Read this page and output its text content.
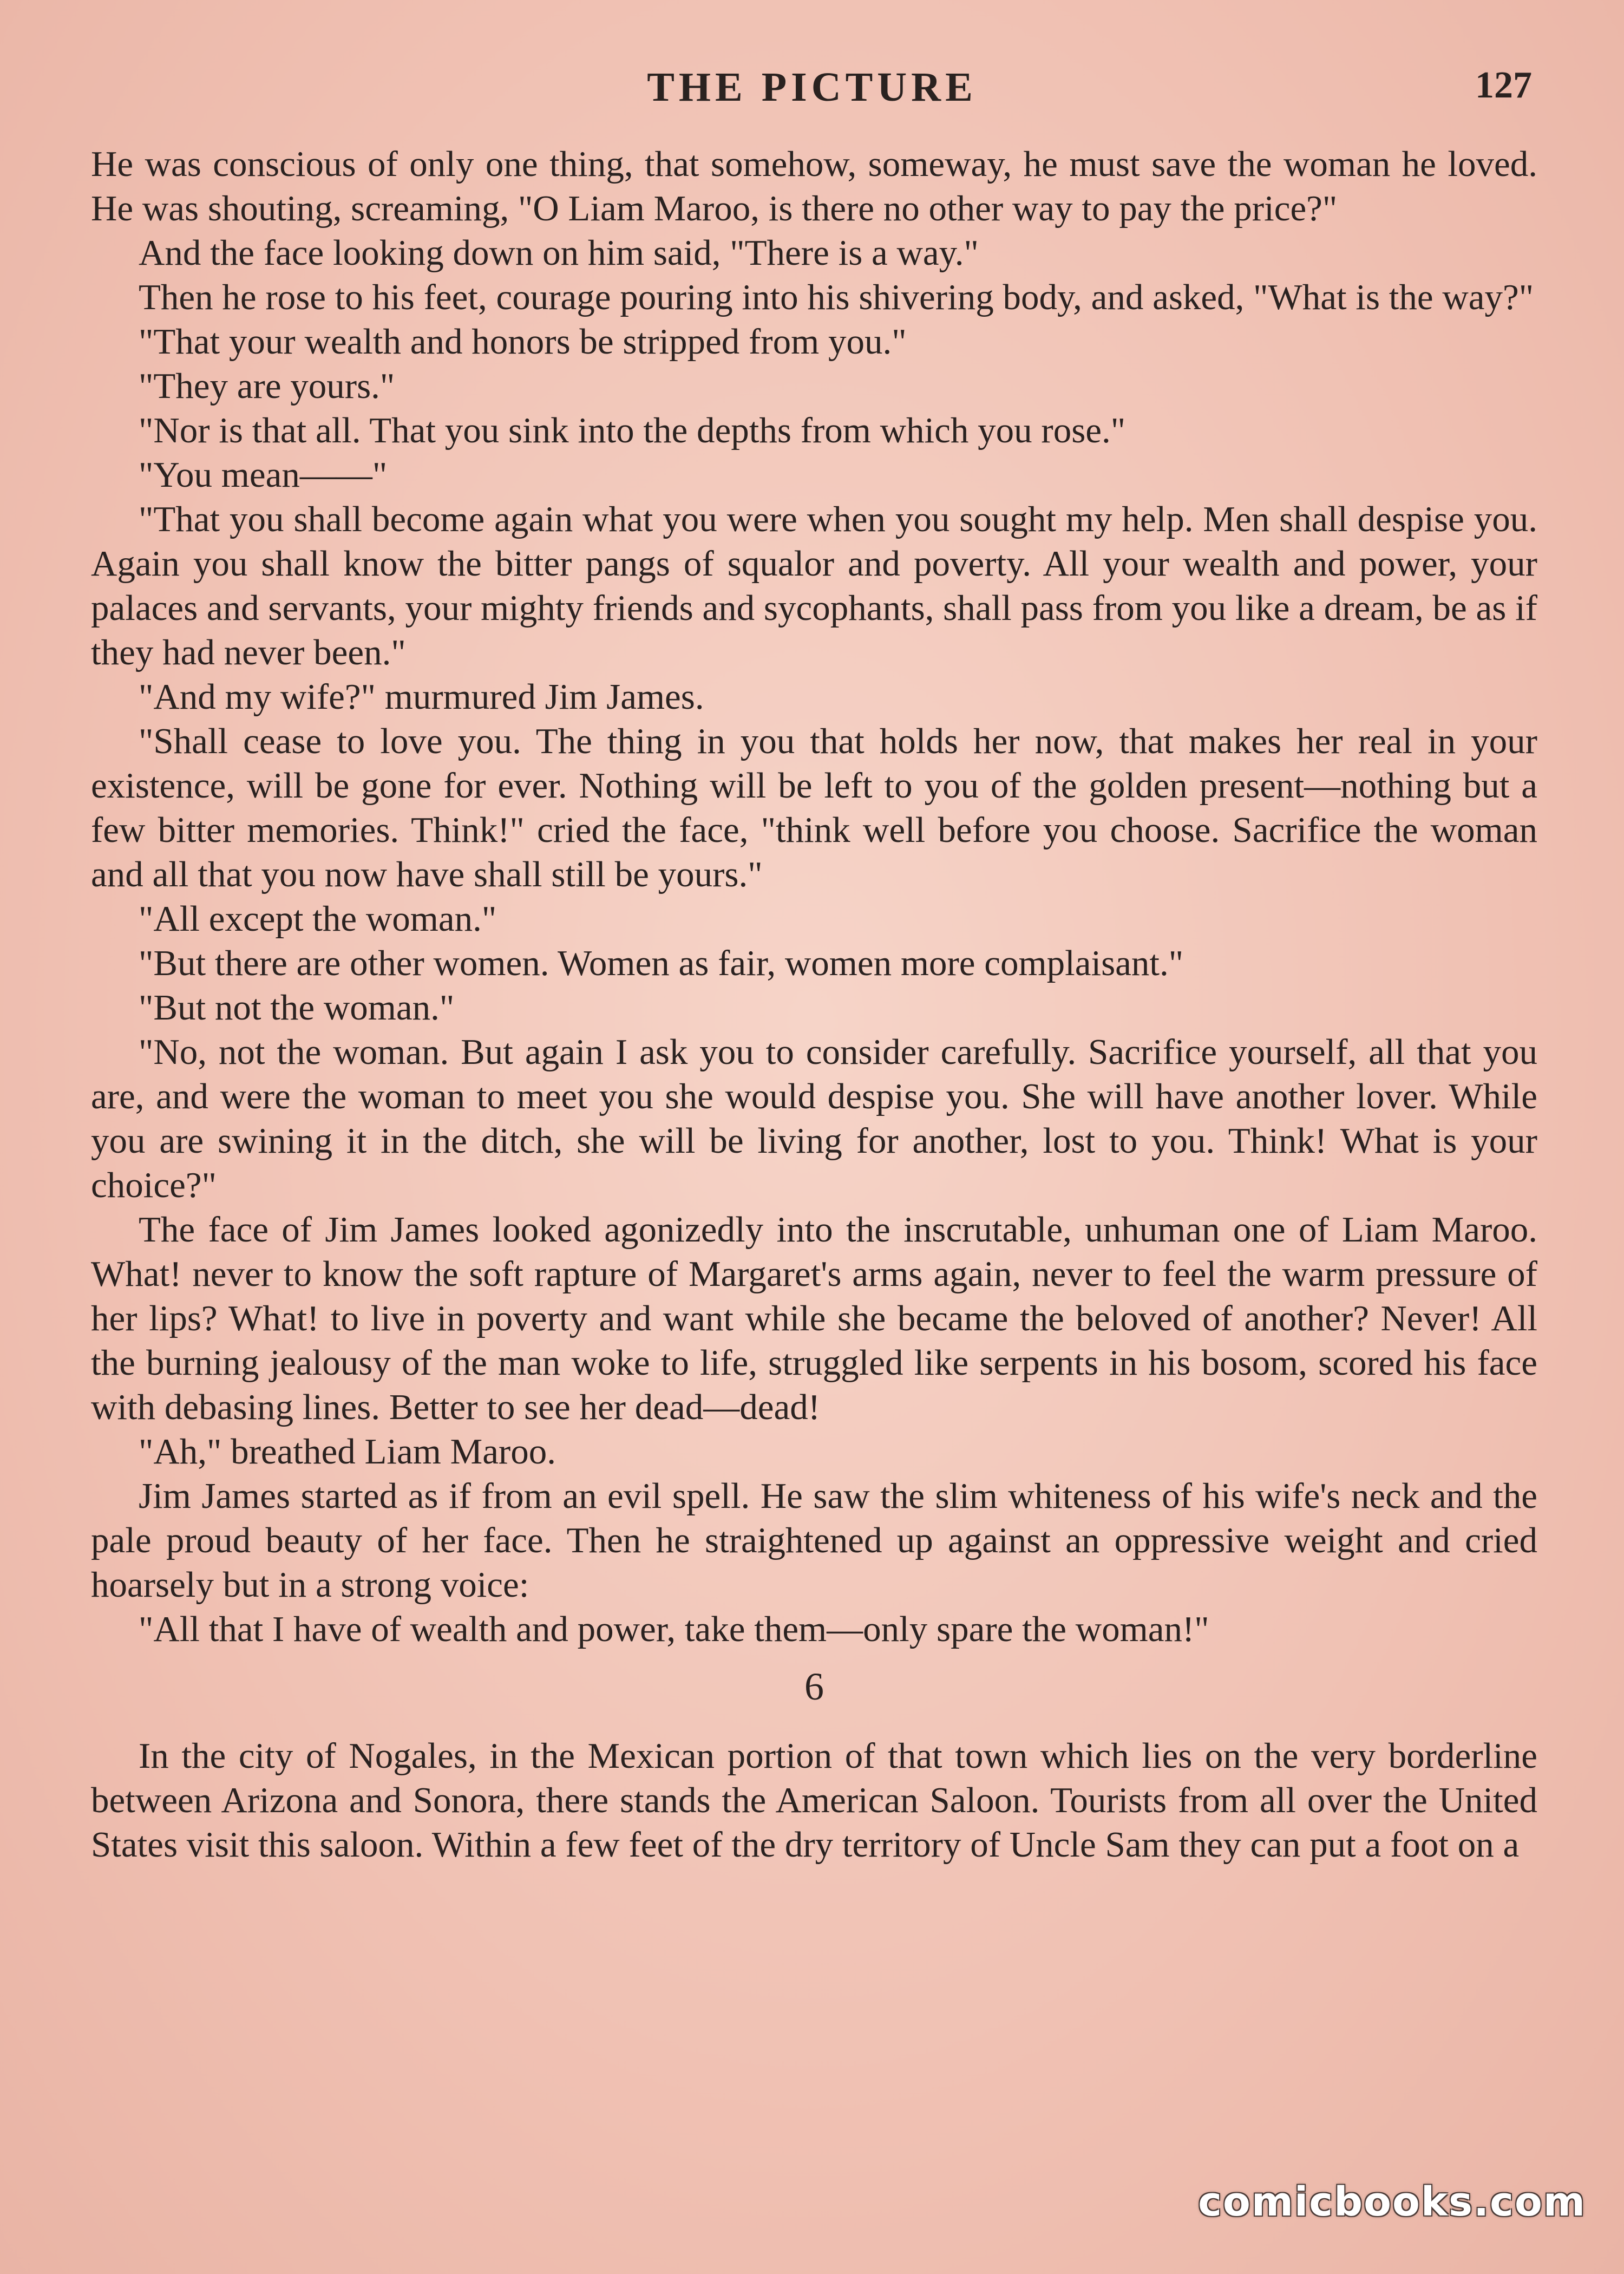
THE PICTURE	127

He was conscious of only one thing, that somehow, someway, he must save the woman he loved. He was shouting, screaming, "O Liam Maroo, is there no other way to pay the price?"

And the face looking down on him said, "There is a way."

Then he rose to his feet, courage pouring into his shivering body, and asked, "What is the way?"

"That your wealth and honors be stripped from you."

"They are yours."

"Nor is that all. That you sink into the depths from which you rose."

"You mean——"

"That you shall become again what you were when you sought my help. Men shall despise you. Again you shall know the bitter pangs of squalor and poverty. All your wealth and power, your palaces and servants, your mighty friends and sycophants, shall pass from you like a dream, be as if they had never been."

"And my wife?" murmured Jim James.

"Shall cease to love you. The thing in you that holds her now, that makes her real in your existence, will be gone for ever. Nothing will be left to you of the golden present—nothing but a few bitter memories. Think!" cried the face, "think well before you choose. Sacrifice the woman and all that you now have shall still be yours."

"All except the woman."

"But there are other women. Women as fair, women more complaisant."

"But not the woman."

"No, not the woman. But again I ask you to consider carefully. Sacrifice yourself, all that you are, and were the woman to meet you she would despise you. She will have another lover. While you are swining it in the ditch, she will be living for another, lost to you. Think! What is your choice?"

The face of Jim James looked agonizedly into the inscrutable, unhuman one of Liam Maroo. What! never to know the soft rapture of Margaret's arms again, never to feel the warm pressure of her lips? What! to live in poverty and want while she became the beloved of another? Never! All the burning jealousy of the man woke to life, struggled like serpents in his bosom, scored his face with debasing lines. Better to see her dead—dead!

"Ah," breathed Liam Maroo.

Jim James started as if from an evil spell. He saw the slim whiteness of his wife's neck and the pale proud beauty of her face. Then he straightened up against an oppressive weight and cried hoarsely but in a strong voice:

"All that I have of wealth and power, take them—only spare the woman!"

6

In the city of Nogales, in the Mexican portion of that town which lies on the very borderline between Arizona and Sonora, there stands the American Saloon. Tourists from all over the United States visit this saloon. Within a few feet of the dry territory of Uncle Sam they can put a foot on a

comicbooks.com
